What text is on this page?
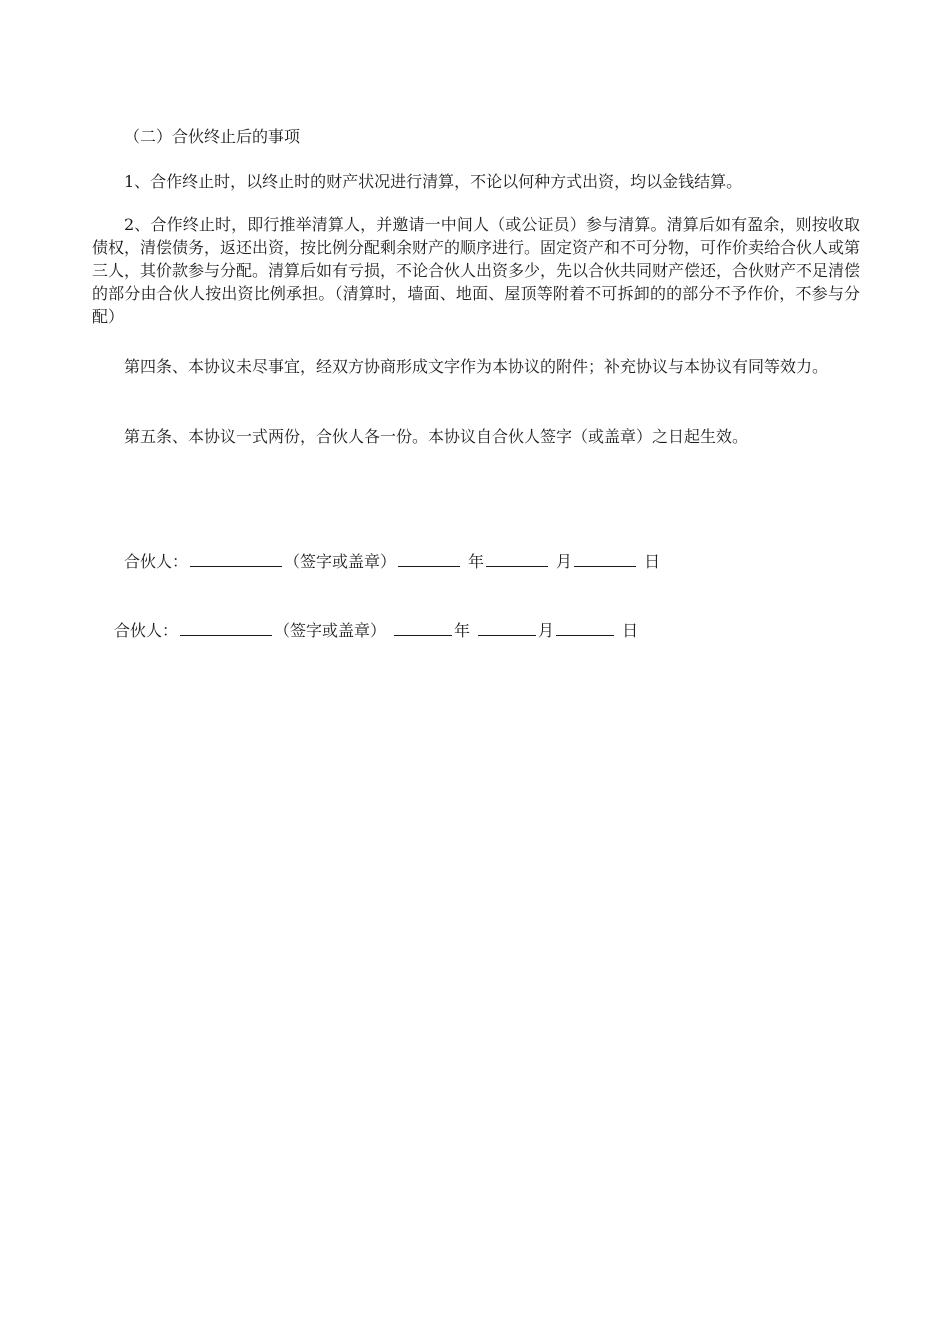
（二）合伙终止后的事项

1、合作终止时，以终止时的财产状况进行清算，不论以何种方式出资，均以金钱结算。

2、合作终止时，即行推举清算人，并邀请一中间人（或公证员）参与清算。清算后如有盈余，则按收取债权，清偿债务，返还出资，按比例分配剩余财产的顺序进行。固定资产和不可分物，可作价卖给合伙人或第三人，其价款参与分配。清算后如有亏损，不论合伙人出资多少，先以合伙共同财产偿还，合伙财产不足清偿的部分由合伙人按出资比例承担。（清算时，墙面、地面、屋顶等附着不可拆卸的的部分不予作价，不参与分配）

第四条、本协议未尽事宜，经双方协商形成文字作为本协议的附件；补充协议与本协议有同等效力。

第五条、本协议一式两份，合伙人各一份。本协议自合伙人签字（或盖章）之日起生效。

合伙人：	（签字或盖章）	年	月	日
合伙人：	（签字或盖章）	年	月	日
